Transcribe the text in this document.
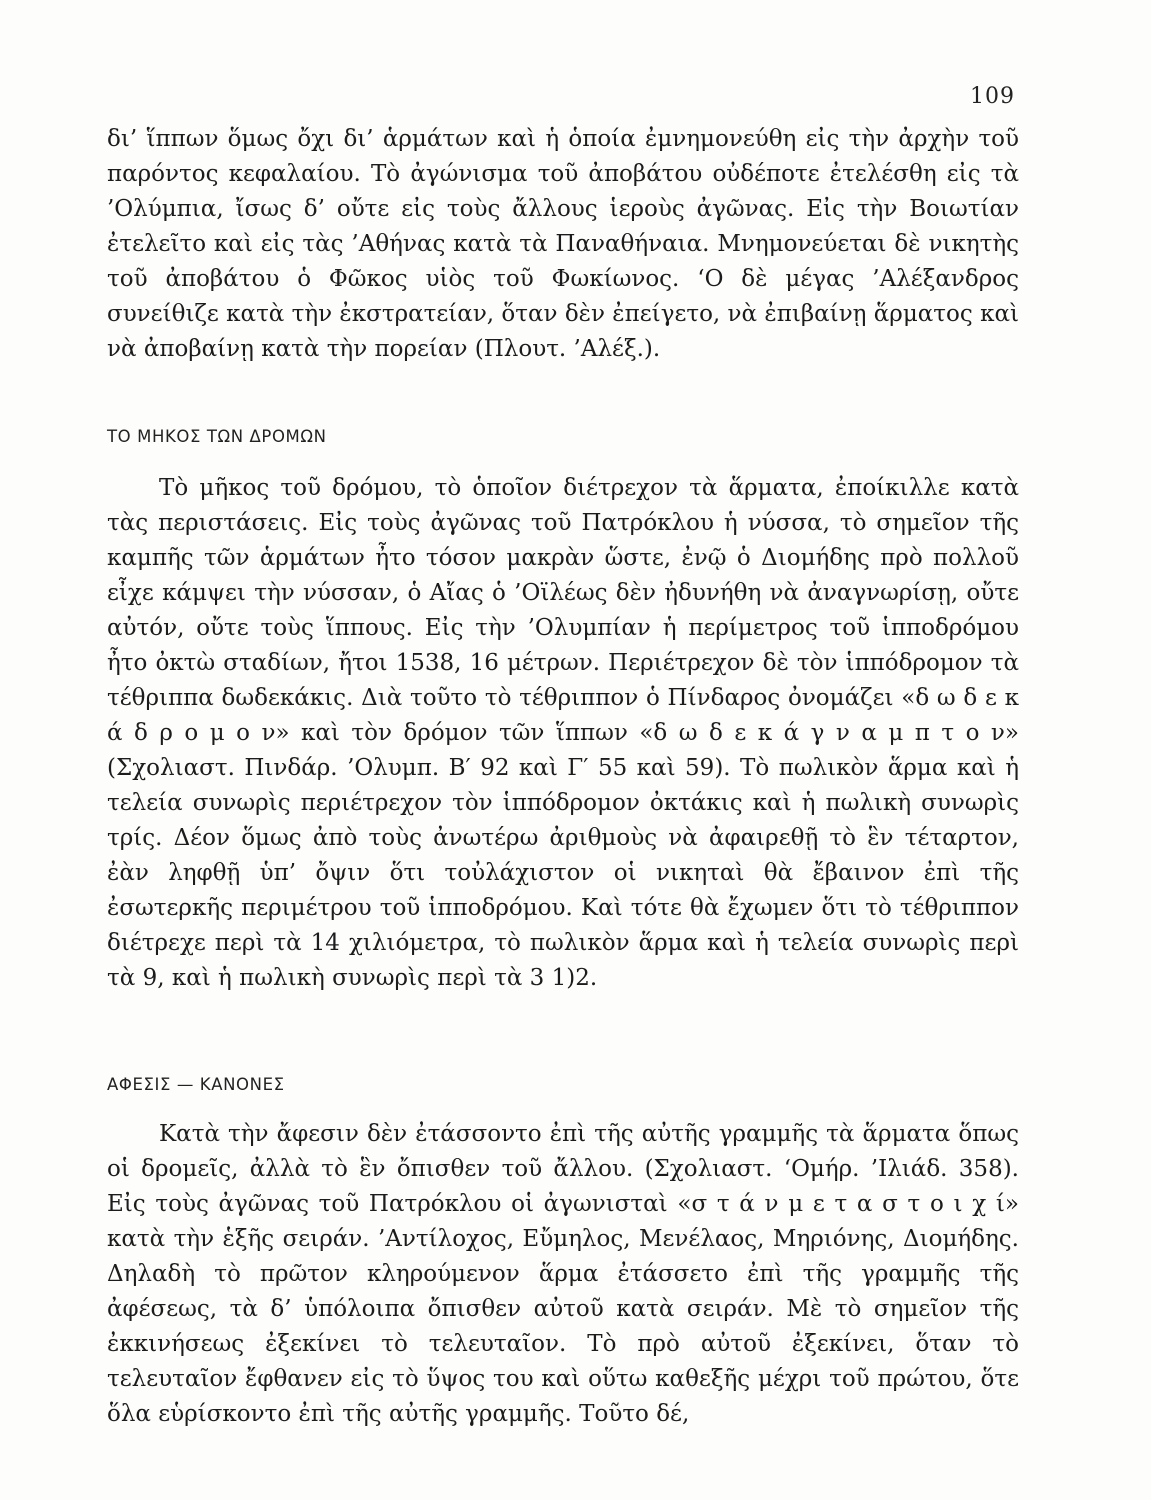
109

δι’ ἵππων ὅμως ὄχι δι’ ἁρμάτων καὶ ἡ ὁποία ἐμνημονεύθη εἰς τὴν ἀρχὴν τοῦ παρόντος κεφαλαίου. Τὸ ἀγώνισμα τοῦ ἀποβάτου οὐδέποτε ἐτελέσθη εἰς τὰ ’Ολύμπια, ἴσως δ’ οὔτε εἰς τοὺς ἄλλους ἱεροὺς ἀγῶνας. Εἰς τὴν Βοιωτίαν ἐτελεῖτο καὶ εἰς τὰς ’Αθήνας κατὰ τὰ Παναθήναια. Μνημονεύεται δὲ νικητὴς τοῦ ἀποβάτου ὁ Φῶκος υἱὸς τοῦ Φωκίωνος. ‘Ο δὲ μέγας ’Αλέξανδρος συνείθιζε κατὰ τὴν ἐκστρατείαν, ὅταν δὲν ἐπείγετο, νὰ ἐπιβαίνῃ ἅρματος καὶ νὰ ἀποβαίνῃ κατὰ τὴν πορείαν (Πλουτ. ’Αλέξ.).

ΤΟ ΜΗΚΟΣ ΤΩΝ ΔΡΟΜΩΝ

Τὸ μῆκος τοῦ δρόμου, τὸ ὁποῖον διέτρεχον τὰ ἅρματα, ἐποίκιλλε κατὰ τὰς περιστάσεις. Εἰς τοὺς ἀγῶνας τοῦ Πατρόκλου ἡ νύσσα, τὸ σημεῖον τῆς καμπῆς τῶν ἁρμάτων ἦτο τόσον μακρὰν ὥστε, ἐνῷ ὁ Διομήδης πρὸ πολλοῦ εἶχε κάμψει τὴν νύσσαν, ὁ Αἴας ὁ ’Οϊλέως δὲν ἠδυνήθη νὰ ἀναγνωρίσῃ, οὔτε αὐτόν, οὔτε τοὺς ἵππους. Εἰς τὴν ’Ολυμπίαν ἡ περίμετρος τοῦ ἱπποδρόμου ἦτο ὀκτὼ σταδίων, ἤτοι 1538, 16 μέτρων. Περιέτρεχον δὲ τὸν ἱππόδρομον τὰ τέθριππα δωδεκάκις. Διὰ τοῦτο τὸ τέθριππον ὁ Πίνδαρος ὀνομάζει «δ ω δ ε κ ά δ ρ ο μ ο ν» καὶ τὸν δρόμον τῶν ἵππων «δ ω δ ε κ ά γ ν α μ π τ ο ν» (Σχολιαστ. Πινδάρ. ’Ολυμπ. Β′ 92 καὶ Γ′ 55 καὶ 59). Τὸ πωλικὸν ἅρμα καὶ ἡ τελεία συνωρὶς περιέτρεχον τὸν ἱππόδρομον ὀκτάκις καὶ ἡ πωλικὴ συνωρὶς τρίς. Δέον ὅμως ἀπὸ τοὺς ἀνωτέρω ἀριθμοὺς νὰ ἀφαιρεθῇ τὸ ἓν τέταρτον, ἐὰν ληφθῇ ὑπ’ ὄψιν ὅτι τοὐλάχιστον οἱ νικηταὶ θὰ ἔβαινον ἐπὶ τῆς ἐσωτερκῆς περιμέτρου τοῦ ἱπποδρόμου. Καὶ τότε θὰ ἔχωμεν ὅτι τὸ τέθριππον διέτρεχε περὶ τὰ 14 χιλιόμετρα, τὸ πωλικὸν ἅρμα καὶ ἡ τελεία συνωρὶς περὶ τὰ 9, καὶ ἡ πωλικὴ συνωρὶς περὶ τὰ 3 1)2.

ΑΦΕΣΙΣ — ΚΑΝΟΝΕΣ

Κατὰ τὴν ἄφεσιν δὲν ἐτάσσοντο ἐπὶ τῆς αὐτῆς γραμμῆς τὰ ἅρματα ὅπως οἱ δρομεῖς, ἀλλὰ τὸ ἓν ὄπισθεν τοῦ ἄλλου. (Σχολιαστ. ‘Ομήρ. ’Ιλιάδ. 358). Εἰς τοὺς ἀγῶνας τοῦ Πατρόκλου οἱ ἀγωνισταὶ «σ τ ά ν μ ε τ α σ τ ο ι χ ί» κατὰ τὴν ἑξῆς σειράν. ’Αντίλοχος, Εὔμηλος, Μενέλαος, Μηριόνης, Διομήδης. Δηλαδὴ τὸ πρῶτον κληρούμενον ἅρμα ἐτάσσετο ἐπὶ τῆς γραμμῆς τῆς ἀφέσεως, τὰ δ’ ὑπόλοιπα ὄπισθεν αὐτοῦ κατὰ σειράν. Μὲ τὸ σημεῖον τῆς ἐκκινήσεως ἐξεκίνει τὸ τελευταῖον. Τὸ πρὸ αὐτοῦ ἐξεκίνει, ὅταν τὸ τελευταῖον ἔφθανεν εἰς τὸ ὕψος του καὶ οὕτω καθεξῆς μέχρι τοῦ πρώτου, ὅτε ὅλα εὑρίσκοντο ἐπὶ τῆς αὐτῆς γραμμῆς. Τοῦτο δέ,
